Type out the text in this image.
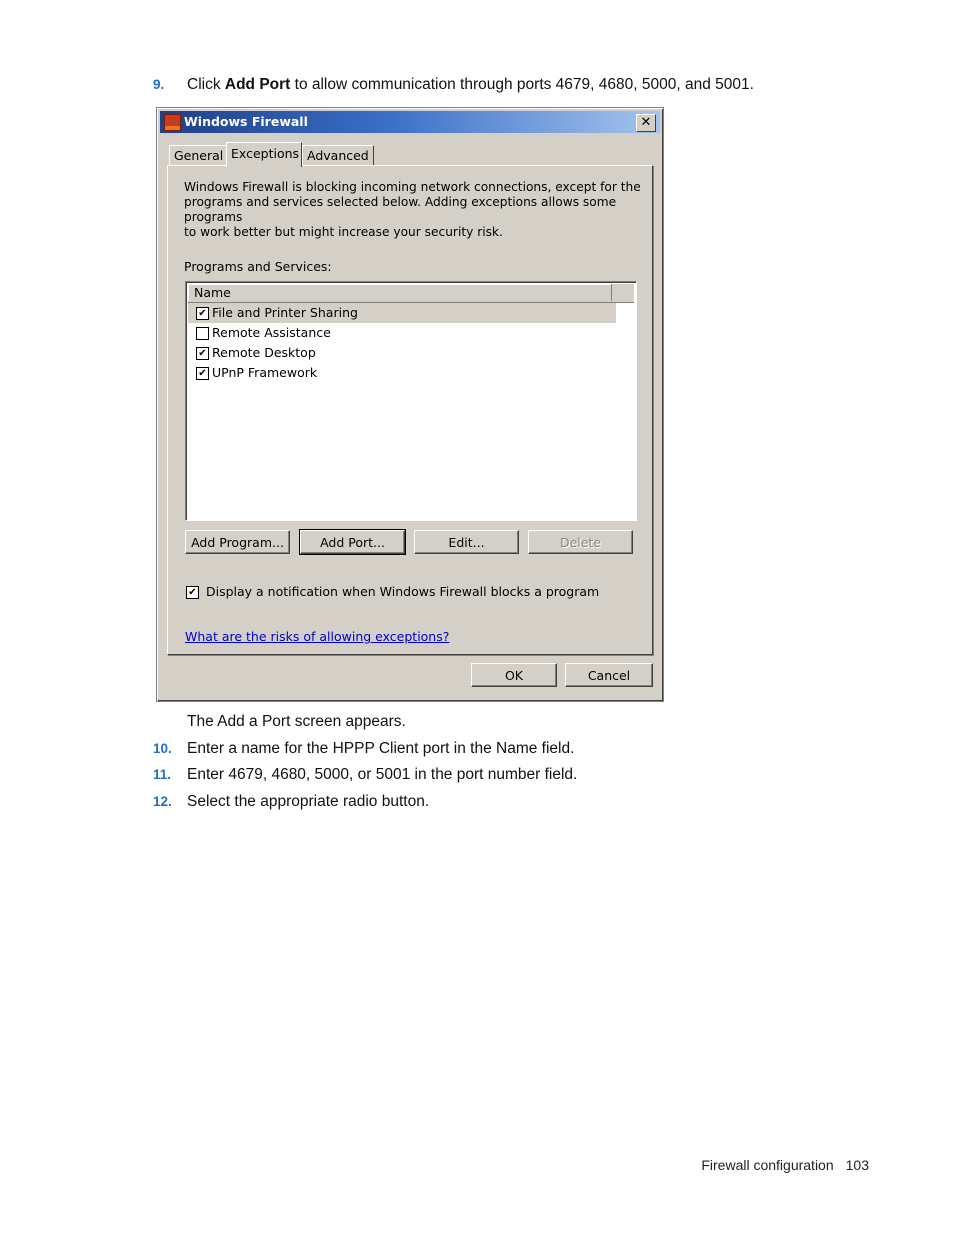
9. Click Add Port to allow communication through ports 4679, 4680, 5000, and 5001.
Windows Firewall	✕
General Exceptions Advanced
Windows Firewall is blocking incoming network connections, except for the
programs and services selected below. Adding exceptions allows some programs
to work better but might increase your security risk.
Programs and Services:
Name
✔ File and Printer Sharing
Remote Assistance
✔ Remote Desktop
✔ UPnP Framework
Add Program...	Add Port...	Edit...	Delete
✔ Display a notification when Windows Firewall blocks a program
What are the risks of allowing exceptions?
OK	Cancel
The Add a Port screen appears.
10. Enter a name for the HPPP Client port in the Name field.
11. Enter 4679, 4680, 5000, or 5001 in the port number field.
12. Select the appropriate radio button.
Firewall configuration 103
